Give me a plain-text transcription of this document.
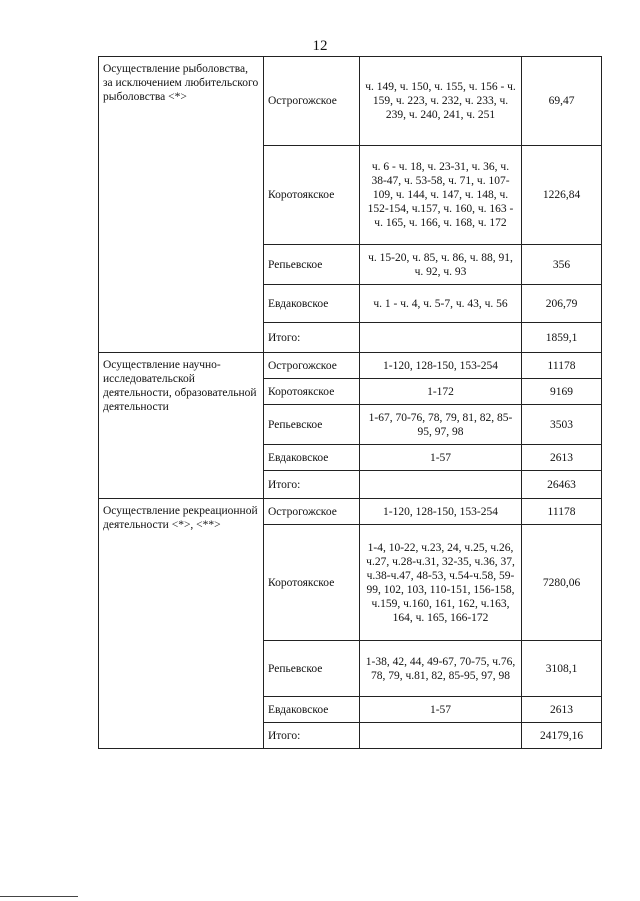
12
Осуществление рыболовства, за исключением любительского рыболовства <*>	Острогожское	ч. 149, ч. 150, ч. 155, ч. 156 - ч. 159, ч. 223, ч. 232, ч. 233, ч. 239, ч. 240, 241, ч. 251	69,47
	Коротоякское	ч. 6 - ч. 18, ч. 23-31, ч. 36, ч. 38-47, ч. 53-58, ч. 71, ч. 107-109, ч. 144, ч. 147, ч. 148, ч. 152-154, ч.157, ч. 160, ч. 163 - ч. 165, ч. 166, ч. 168, ч. 172	1226,84
	Репьевское	ч. 15-20, ч. 85, ч. 86, ч. 88, 91, ч. 92, ч. 93	356
	Евдаковское	ч. 1 - ч. 4, ч. 5-7, ч. 43, ч. 56	206,79
	Итого:		1859,1
Осуществление научно-исследовательской деятельности, образовательной деятельности	Острогожское	1-120, 128-150, 153-254	11178
	Коротоякское	1-172	9169
	Репьевское	1-67, 70-76, 78, 79, 81, 82, 85-95, 97, 98	3503
	Евдаковское	1-57	2613
	Итого:		26463
Осуществление рекреационной деятельности <*>, <**>	Острогожское	1-120, 128-150, 153-254	11178
	Коротоякское	1-4, 10-22, ч.23, 24, ч.25, ч.26, ч.27, ч.28-ч.31, 32-35, ч.36, 37, ч.38-ч.47, 48-53, ч.54-ч.58, 59-99, 102, 103, 110-151, 156-158, ч.159, ч.160, 161, 162, ч.163, 164, ч. 165, 166-172	7280,06
	Репьевское	1-38, 42, 44, 49-67, 70-75, ч.76, 78, 79, ч.81, 82, 85-95, 97, 98	3108,1
	Евдаковское	1-57	2613
	Итого:		24179,16
